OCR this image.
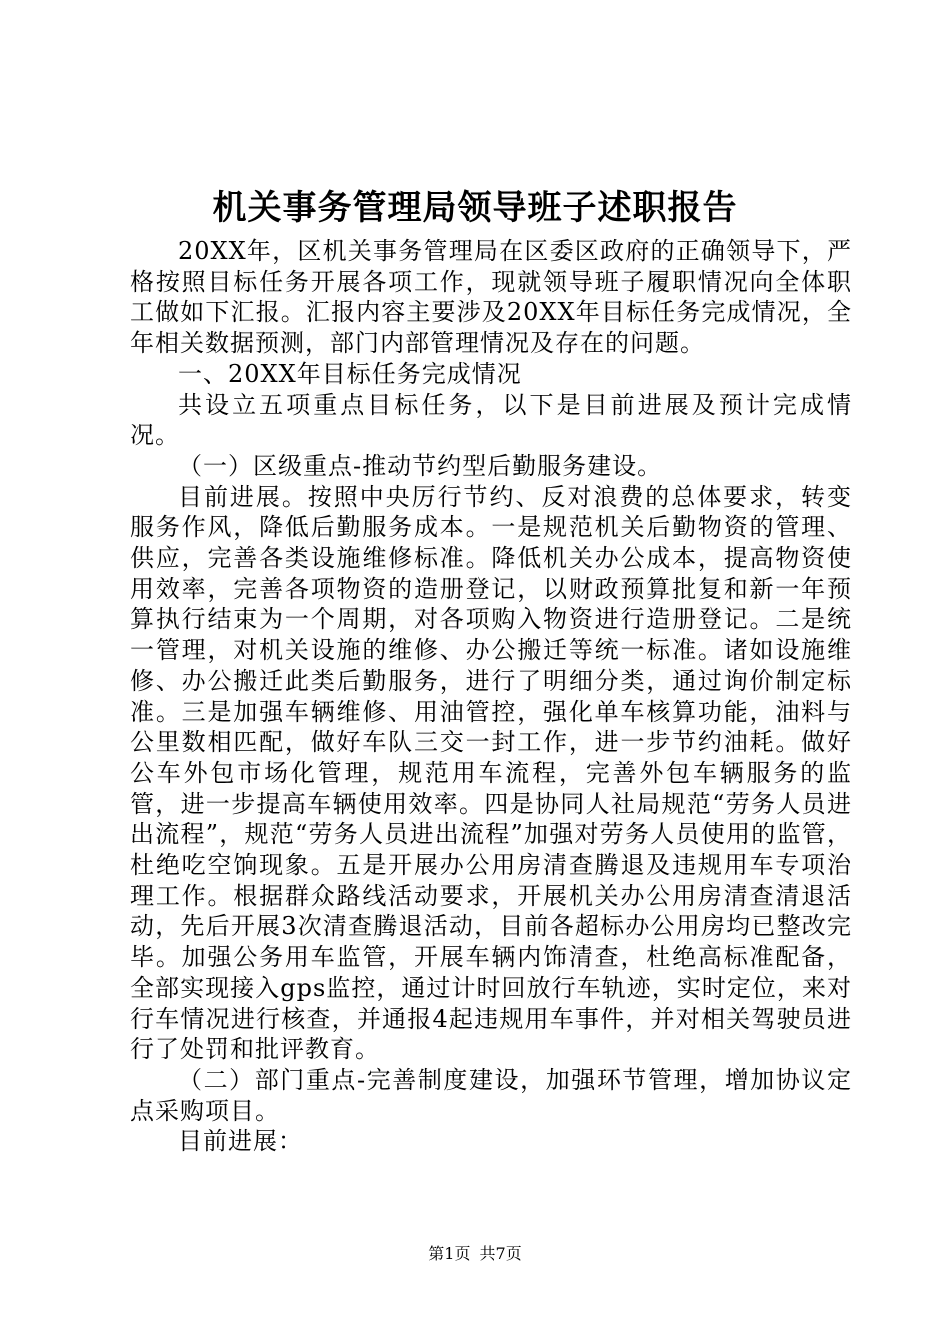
机关事务管理局领导班子述职报告

20XX年，区机关事务管理局在区委区政府的正确领导下，严格按照目标任务开展各项工作，现就领导班子履职情况向全体职工做如下汇报。汇报内容主要涉及20XX年目标任务完成情况，全年相关数据预测，部门内部管理情况及存在的问题。

一、20XX年目标任务完成情况

共设立五项重点目标任务，以下是目前进展及预计完成情况。

（一）区级重点-推动节约型后勤服务建设。

目前进展。按照中央厉行节约、反对浪费的总体要求，转变服务作风，降低后勤服务成本。一是规范机关后勤物资的管理、供应，完善各类设施维修标准。降低机关办公成本，提高物资使用效率，完善各项物资的造册登记，以财政预算批复和新一年预算执行结束为一个周期，对各项购入物资进行造册登记。二是统一管理，对机关设施的维修、办公搬迁等统一标准。诸如设施维修、办公搬迁此类后勤服务，进行了明细分类，通过询价制定标准。三是加强车辆维修、用油管控，强化单车核算功能，油料与公里数相匹配，做好车队三交一封工作，进一步节约油耗。做好公车外包市场化管理，规范用车流程，完善外包车辆服务的监管，进一步提高车辆使用效率。四是协同人社局规范“劳务人员进出流程”，规范“劳务人员进出流程”加强对劳务人员使用的监管，杜绝吃空饷现象。五是开展办公用房清查腾退及违规用车专项治理工作。根据群众路线活动要求，开展机关办公用房清查清退活动，先后开展3次清查腾退活动，目前各超标办公用房均已整改完毕。加强公务用车监管，开展车辆内饰清查，杜绝高标准配备，全部实现接入gps监控，通过计时回放行车轨迹，实时定位，来对行车情况进行核查，并通报4起违规用车事件，并对相关驾驶员进行了处罚和批评教育。

（二）部门重点-完善制度建设，加强环节管理，增加协议定点采购项目。

目前进展：

第1页 共7页
